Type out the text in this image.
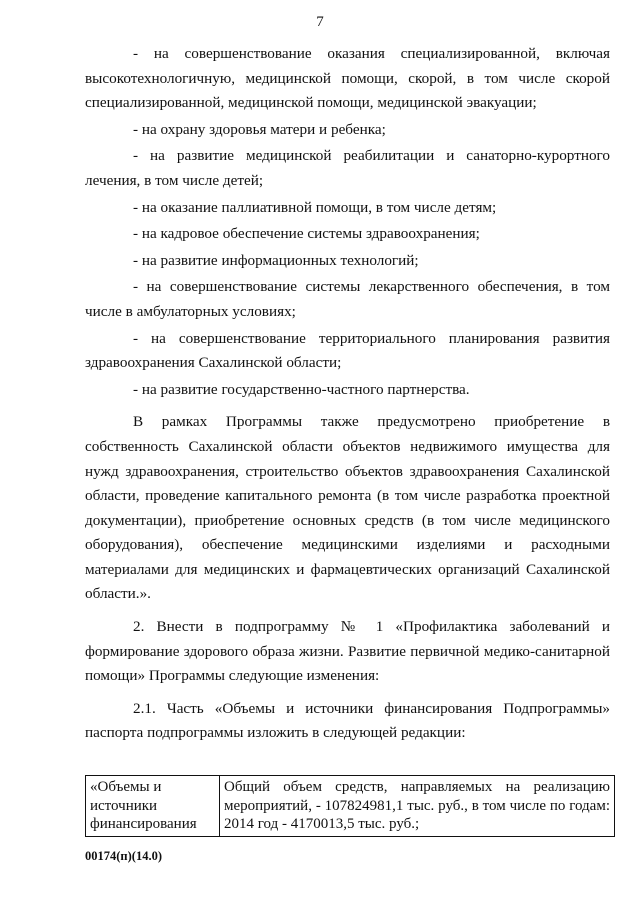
7

- на совершенствование оказания специализированной, включая высокотехнологичную, медицинской помощи, скорой, в том числе скорой специализированной, медицинской помощи, медицинской эвакуации;

- на охрану здоровья матери и ребенка;

- на развитие медицинской реабилитации и санаторно-курортного лечения, в том числе детей;

- на оказание паллиативной помощи, в том числе детям;

- на кадровое обеспечение системы здравоохранения;

- на развитие информационных технологий;

- на совершенствование системы лекарственного обеспечения, в том числе в амбулаторных условиях;

- на совершенствование территориального планирования развития здравоохранения Сахалинской области;

- на развитие государственно-частного партнерства.

В рамках Программы также предусмотрено приобретение в собственность Сахалинской области объектов недвижимого имущества для нужд здравоохранения, строительство объектов здравоохранения Сахалинской области, проведение капитального ремонта (в том числе разработка проектной документации), приобретение основных средств (в том числе медицинского оборудования), обеспечение медицинскими изделиями и расходными материалами для медицинских и фармацевтических организаций Сахалинской области.».

2. Внести в подпрограмму № 1 «Профилактика заболеваний и формирование здорового образа жизни. Развитие первичной медико-санитарной помощи» Программы следующие изменения:

2.1. Часть «Объемы и источники финансирования Подпрограммы» паспорта подпрограммы изложить в следующей редакции:

«Объемы и источники финансирования	Общий объем средств, направляемых на реализацию мероприятий, - 107824981,1 тыс. руб., в том числе по годам: 2014 год - 4170013,5 тыс. руб.;
00174(п)(14.0)
